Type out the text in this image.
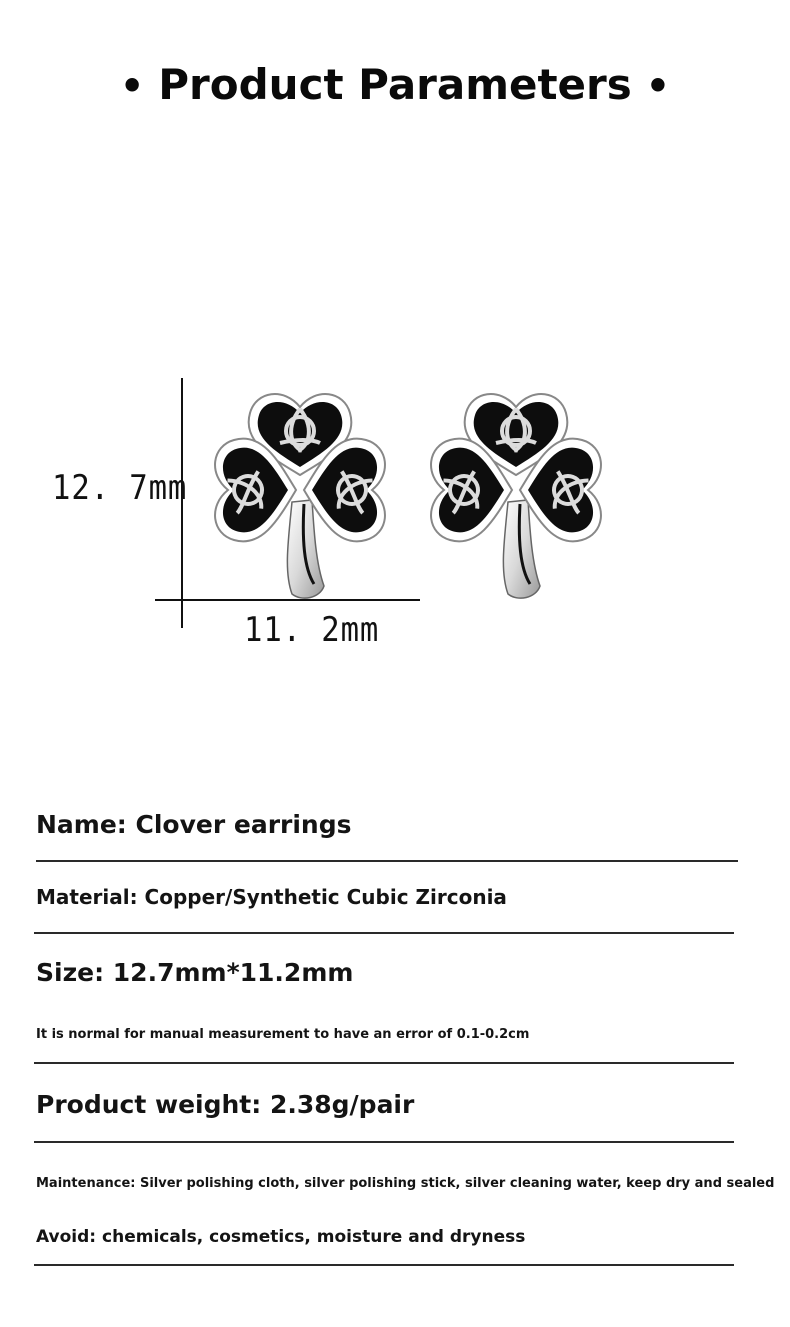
• Product Parameters •
12. 7mm
11. 2mm
Name: Clover earrings
Material: Copper/Synthetic Cubic Zirconia
Size: 12.7mm*11.2mm
It is normal for manual measurement to have an error of 0.1-0.2cm
Product weight: 2.38g/pair
Maintenance: Silver polishing cloth, silver polishing stick, silver cleaning water, keep dry and sealed
Avoid: chemicals, cosmetics, moisture and dryness
